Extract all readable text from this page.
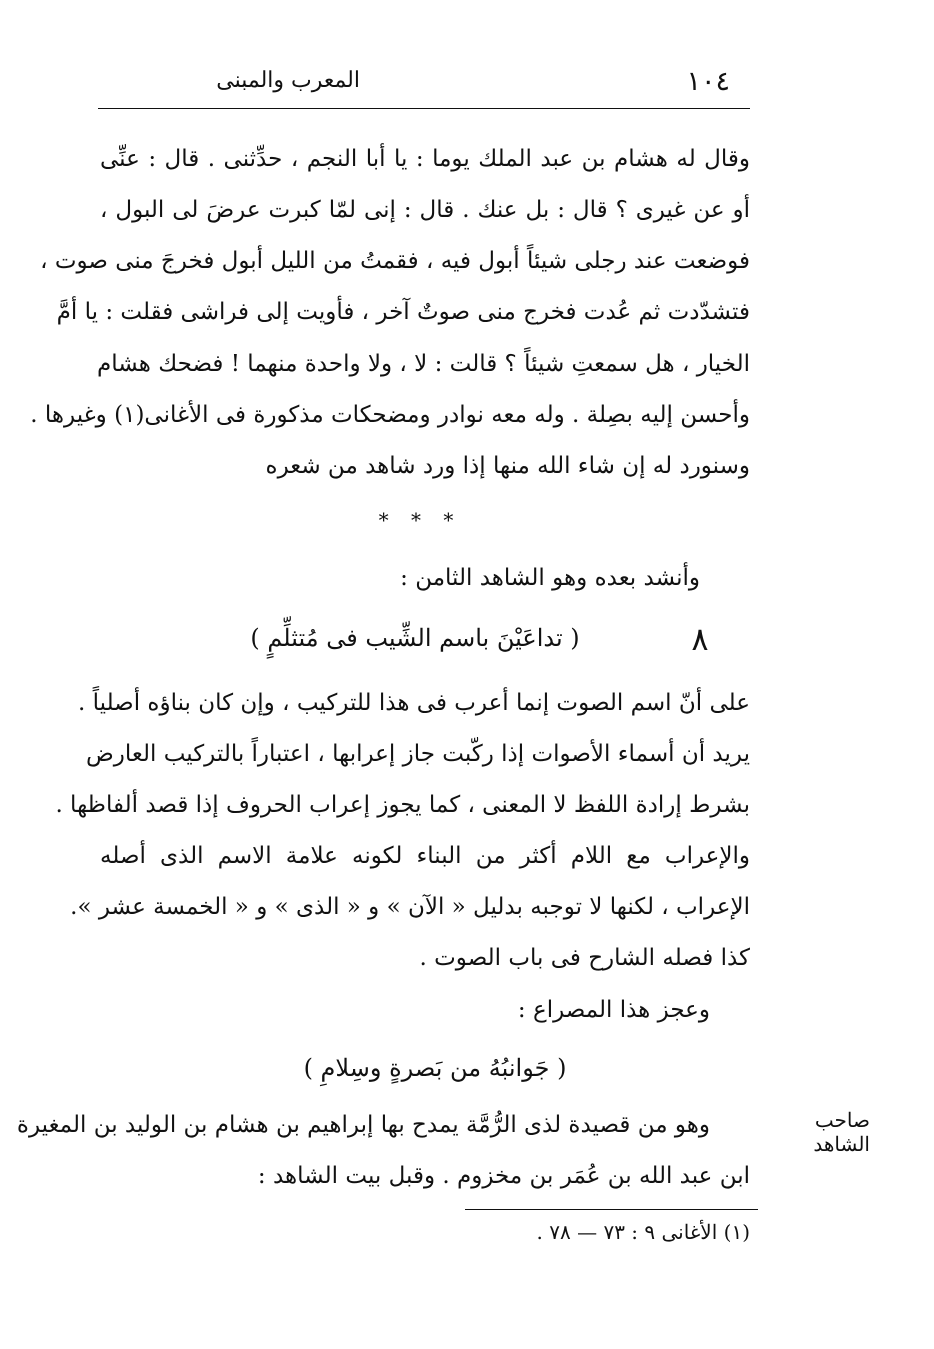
١٠٤
المعرب والمبنى
وقال له هشام بن عبد الملك يوما : يا أبا النجم ، حدِّثنى . قال : عنِّى
أو عن غيرى ؟ قال : بل عنك . قال : إنى لمّا كبرت عرضَ لى البول ،
فوضعت عند رجلى شيئاً أبول فيه ، فقمتُ من الليل أبول فخرجَ منى صوت ،
فتشدّدت ثم عُدت فخرج منى صوتٌ آخر ، فأويت إلى فراشى فقلت : يا أمَّ
الخيار ، هل سمعتِ شيئاً ؟ قالت : لا ، ولا واحدة منهما ! فضحك هشام
وأحسن إليه بصِلة . وله معه نوادر ومضحكات مذكورة فى الأغانى(١) وغيرها .
وسنورد له إن شاء الله منها إذا ورد شاهد من شعره
* * *
وأنشد بعده وهو الشاهد الثامن :
٨
( تداعَيْنَ باسم الشِّيب فى مُتثلِّمٍ )
على أنّ اسم الصوت إنما أعرب فى هذا للتركيب ، وإن كان بناؤه أصلياً .
يريد أن أسماء الأصوات إذا ركّبت جاز إعرابها ، اعتباراً بالتركيب العارض
بشرط إرادة اللفظ لا المعنى ، كما يجوز إعراب الحروف إذا قصد ألفاظها .
والإعراب مع اللام أكثر من البناء لكونه علامة الاسم الذى أصله
الإعراب ، لكنها لا توجبه بدليل « الآن » و « الذى » و « الخمسة عشر ».
كذا فصله الشارح فى باب الصوت .
وعجز هذا المصراع :
( جَوانبُهُ من بَصرةٍ وسِلامِ )
صاحب الشاهد
وهو من قصيدة لذى الرُّمَّة يمدح بها إبراهيم بن هشام بن الوليد بن المغيرة
ابن عبد الله بن عُمَر بن مخزوم . وقبل بيت الشاهد :
(١) الأغانى ٩ : ٧٣ — ٧٨ .
